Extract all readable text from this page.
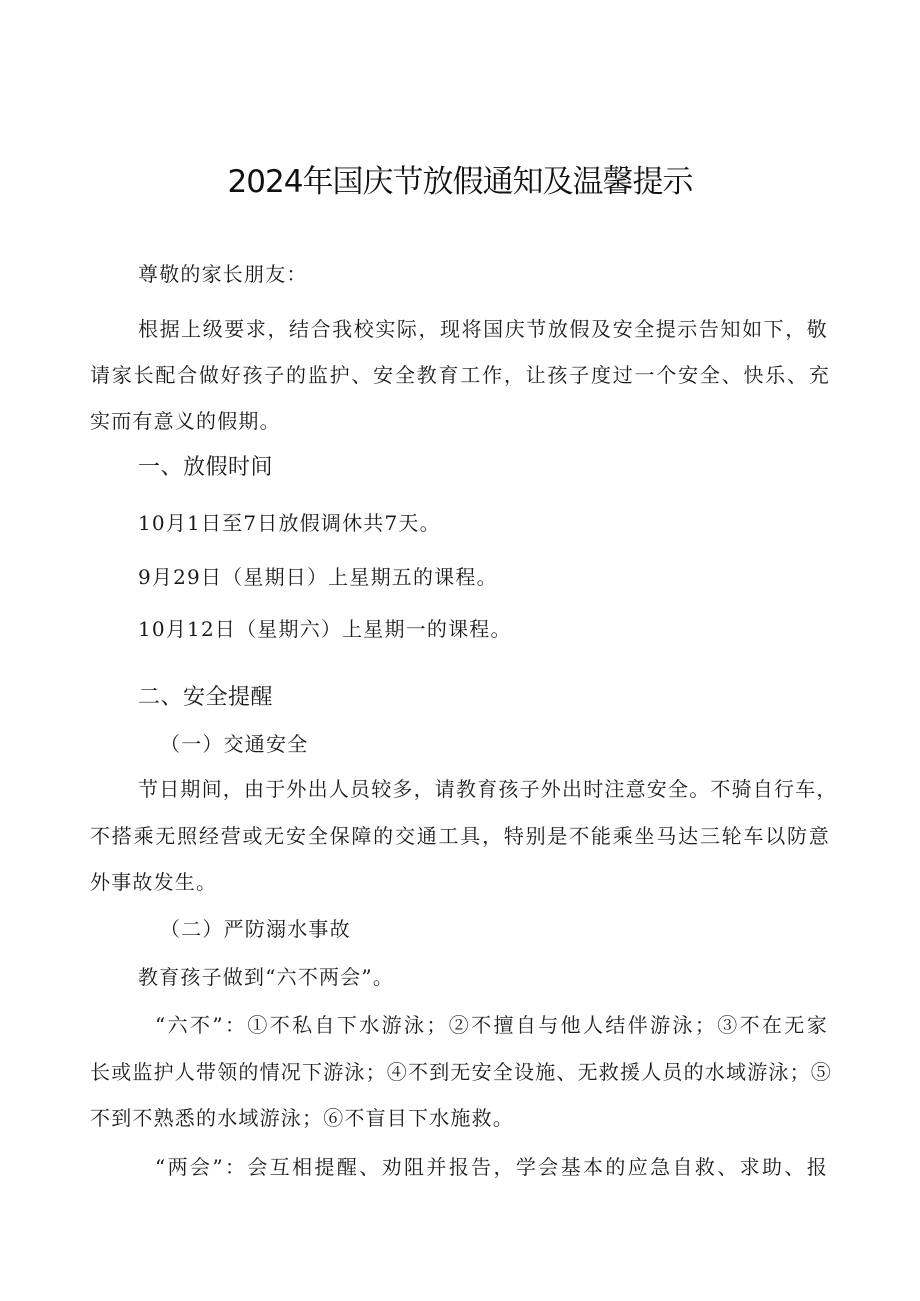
2024年国庆节放假通知及温馨提示

尊敬的家长朋友：

根据上级要求，结合我校实际，现将国庆节放假及安全提示告知如下，敬

请家长配合做好孩子的监护、安全教育工作，让孩子度过一个安全、快乐、充

实而有意义的假期。

一、放假时间

10月1日至7日放假调休共7天。

9月29日（星期日）上星期五的课程。

10月12日（星期六）上星期一的课程。

二、安全提醒

（一）交通安全

节日期间，由于外出人员较多，请教育孩子外出时注意安全。不骑自行车，

不搭乘无照经营或无安全保障的交通工具，特别是不能乘坐马达三轮车以防意

外事故发生。

（二）严防溺水事故

教育孩子做到“六不两会”。

“六不”：①不私自下水游泳；②不擅自与他人结伴游泳；③不在无家

长或监护人带领的情况下游泳；④不到无安全设施、无救援人员的水域游泳；⑤

不到不熟悉的水域游泳；⑥不盲目下水施救。

“两会”：会互相提醒、劝阻并报告，学会基本的应急自救、求助、报
